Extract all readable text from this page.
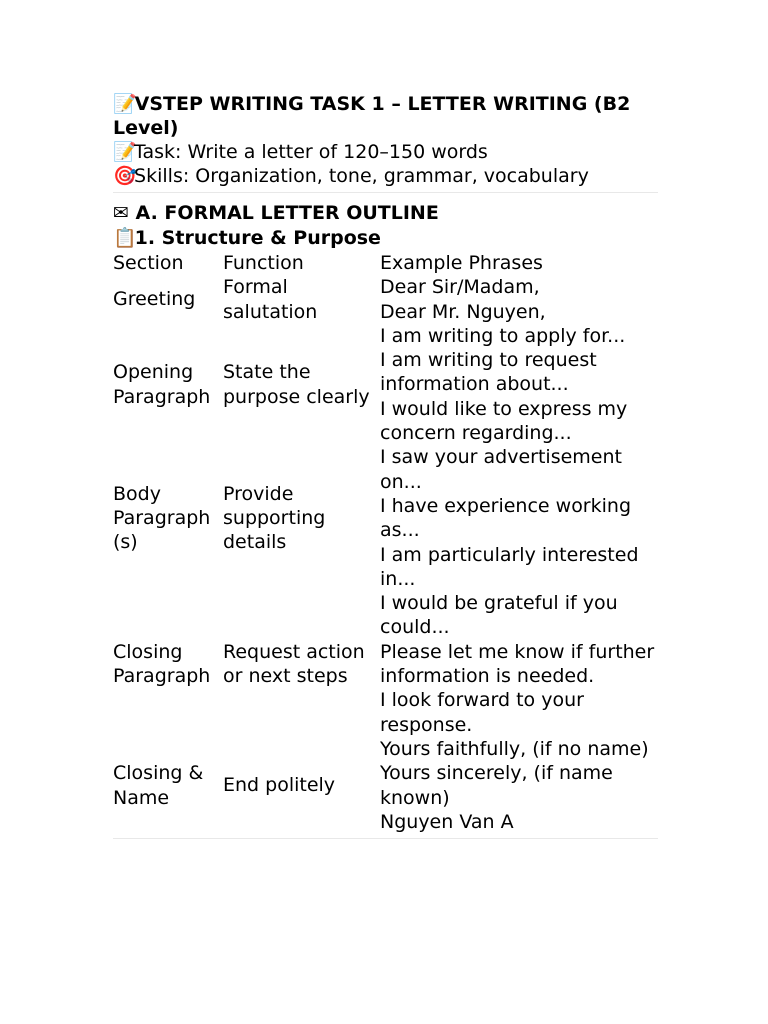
📝 VSTEP WRITING TASK 1 – LETTER WRITING (B2 Level)

📝 Task: Write a letter of 120–150 words

🎯 Skills: Organization, tone, grammar, vocabulary

✉ A. FORMAL LETTER OUTLINE

📋 1. Structure & Purpose

Section	Function	Example Phrases
Greeting	Formal salutation	Dear Sir/Madam,
Dear Mr. Nguyen,

Opening Paragraph	State the purpose clearly	I am writing to apply for...
I am writing to request information about...
I would like to express my concern regarding...

Body Paragraph (s)	Provide supporting details	I saw your advertisement on...
I have experience working as...
I am particularly interested in...

Closing Paragraph	Request action or next steps	I would be grateful if you could...
Please let me know if further information is needed.
I look forward to your response.

Closing & Name	End politely	Yours faithfully, (if no name)
Yours sincerely, (if name known)
Nguyen Van A
